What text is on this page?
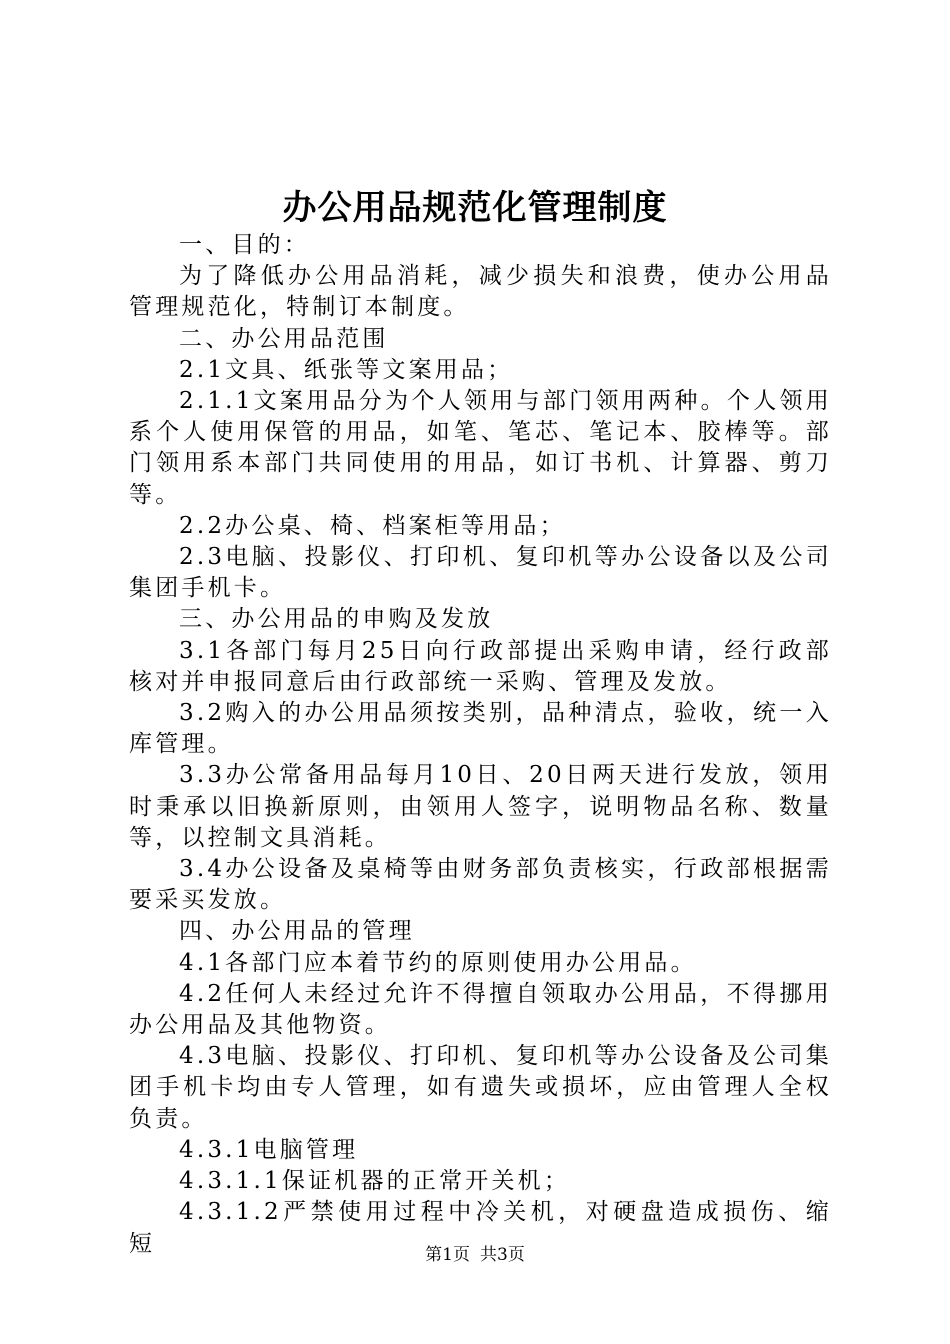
办公用品规范化管理制度

一、目的：

为了降低办公用品消耗，减少损失和浪费，使办公用品管理规范化，特制订本制度。

二、办公用品范围

2.1文具、纸张等文案用品；

2.1.1文案用品分为个人领用与部门领用两种。个人领用系个人使用保管的用品，如笔、笔芯、笔记本、胶棒等。部门领用系本部门共同使用的用品，如订书机、计算器、剪刀等。

2.2办公桌、椅、档案柜等用品；

2.3电脑、投影仪、打印机、复印机等办公设备以及公司集团手机卡。

三、办公用品的申购及发放

3.1各部门每月25日向行政部提出采购申请，经行政部核对并申报同意后由行政部统一采购、管理及发放。

3.2购入的办公用品须按类别，品种清点，验收，统一入库管理。

3.3办公常备用品每月10日、20日两天进行发放，领用时秉承以旧换新原则，由领用人签字，说明物品名称、数量等，以控制文具消耗。

3.4办公设备及桌椅等由财务部负责核实，行政部根据需要采买发放。

四、办公用品的管理

4.1各部门应本着节约的原则使用办公用品。

4.2任何人未经过允许不得擅自领取办公用品，不得挪用办公用品及其他物资。

4.3电脑、投影仪、打印机、复印机等办公设备及公司集团手机卡均由专人管理，如有遗失或损坏，应由管理人全权负责。

4.3.1电脑管理

4.3.1.1保证机器的正常开关机；

4.3.1.2严禁使用过程中冷关机，对硬盘造成损伤、缩短	第1页 共3页
